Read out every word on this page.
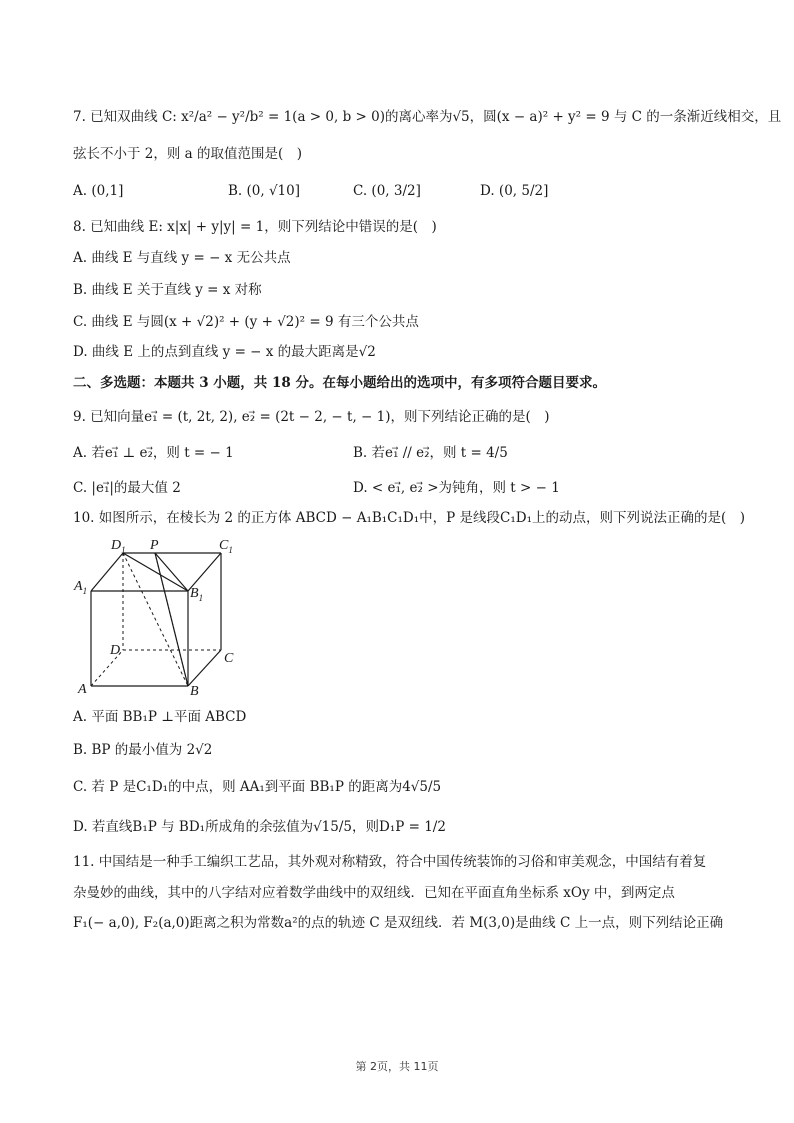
7. 已知双曲线 C: x²/a² − y²/b² = 1(a > 0, b > 0)的离心率为√5，圆(x − a)² + y² = 9 与 C 的一条渐近线相交，且
弦长不小于 2，则 a 的取值范围是(　)
A. (0,1]	B. (0, √10]	C. (0, 3/2]	D. (0, 5/2]
8. 已知曲线 E: x|x| + y|y| = 1，则下列结论中错误的是(　)
A. 曲线 E 与直线 y = − x 无公共点
B. 曲线 E 关于直线 y = x 对称
C. 曲线 E 与圆(x + √2)² + (y + √2)² = 9 有三个公共点
D. 曲线 E 上的点到直线 y = − x 的最大距离是√2
二、多选题：本题共 3 小题，共 18 分。在每小题给出的选项中，有多项符合题目要求。
9. 已知向量e₁⃗ = (t, 2t, 2), e₂⃗ = (2t − 2, − t, − 1)，则下列结论正确的是(　)
A. 若e₁⃗ ⊥ e₂⃗，则 t = − 1	B. 若e₁⃗ // e₂⃗，则 t = 4/5
C. |e₁⃗|的最大值 2	D. < e₁⃗, e₂⃗ >为钝角，则 t > − 1
10. 如图所示，在棱长为 2 的正方体 ABCD − A₁B₁C₁D₁中，P 是线段C₁D₁上的动点，则下列说法正确的是(　)
$D_1$ P	$C_1$
$A_1$	$B_1$
D
C
A	B
A. 平面 BB₁P ⊥平面 ABCD
B. BP 的最小值为 2√2
C. 若 P 是C₁D₁的中点，则 AA₁到平面 BB₁P 的距离为4√5/5
D. 若直线B₁P 与 BD₁所成角的余弦值为√15/5，则D₁P = 1/2
11. 中国结是一种手工编织工艺品，其外观对称精致，符合中国传统装饰的习俗和审美观念，中国结有着复
杂曼妙的曲线，其中的八字结对应着数学曲线中的双纽线．已知在平面直角坐标系 xOy 中，到两定点
F₁(− a,0), F₂(a,0)距离之积为常数a²的点的轨迹 C 是双纽线．若 M(3,0)是曲线 C 上一点，则下列结论正确
第 2页，共 11页
